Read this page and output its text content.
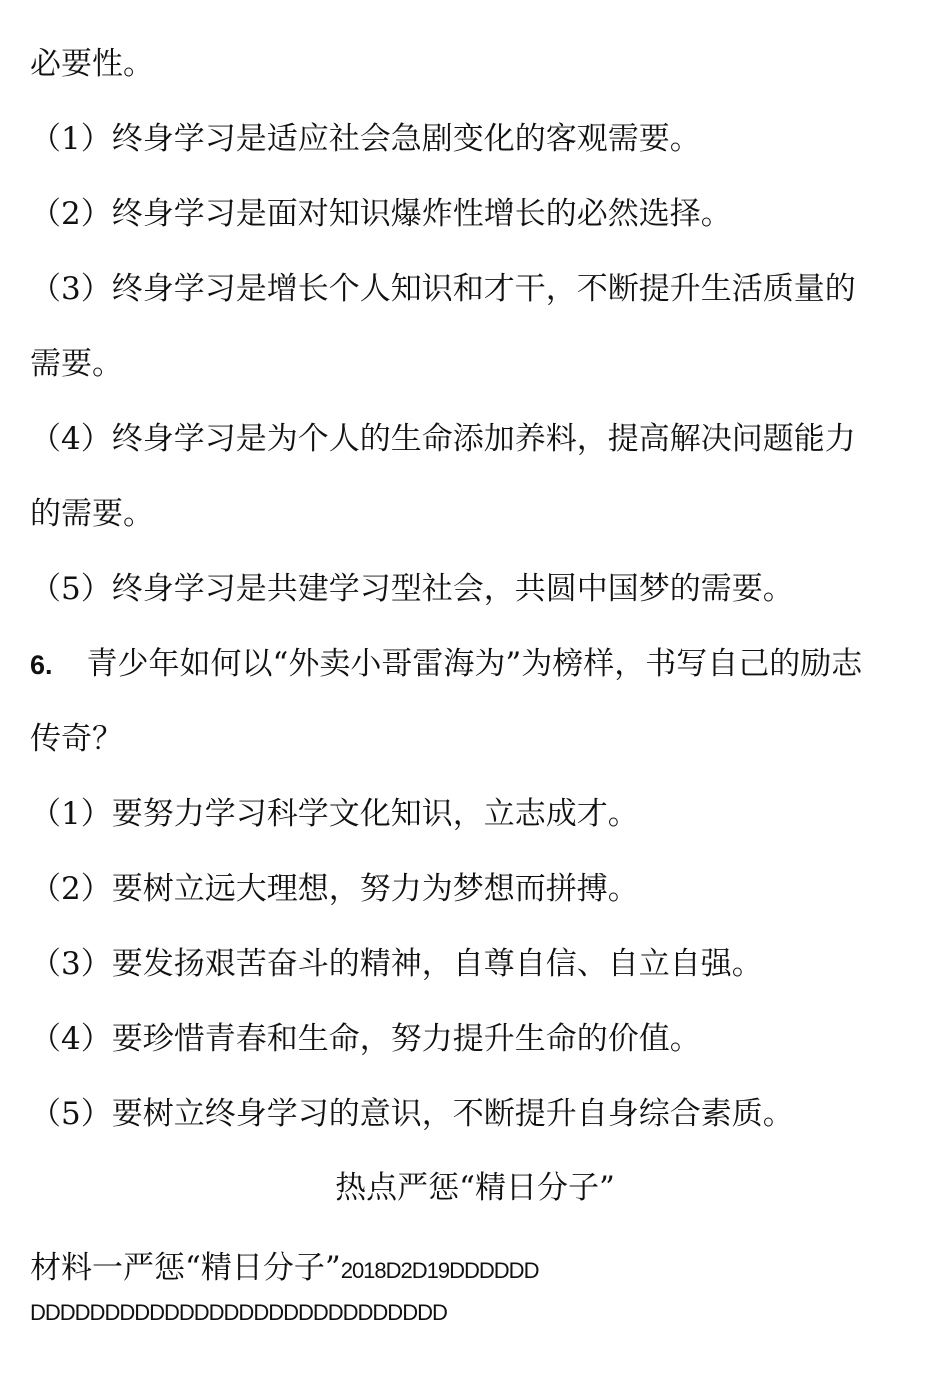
必要性。
（1）终身学习是适应社会急剧变化的客观需要。
（2）终身学习是面对知识爆炸性增长的必然选择。
（3）终身学习是增长个人知识和才干，不断提升生活质量的
需要。
（4）终身学习是为个人的生命添加养料，提高解决问题能力
的需要。
（5）终身学习是共建学习型社会，共圆中国梦的需要。
6. 青少年如何以“外卖小哥雷海为”为榜样，书写自己的励志
传奇？
（1）要努力学习科学文化知识，立志成才。
（2）要树立远大理想，努力为梦想而拼搏。
（3）要发扬艰苦奋斗的精神，自尊自信、自立自强。
（4）要珍惜青春和生命，努力提升生命的价值。
（5）要树立终身学习的意识，不断提升自身综合素质。
热点严惩“精日分子”
材料一严惩“精日分子”2018D2D19DDDDDD
DDDDDDDDDDDDDDDDDDDDDDDDDDDD
